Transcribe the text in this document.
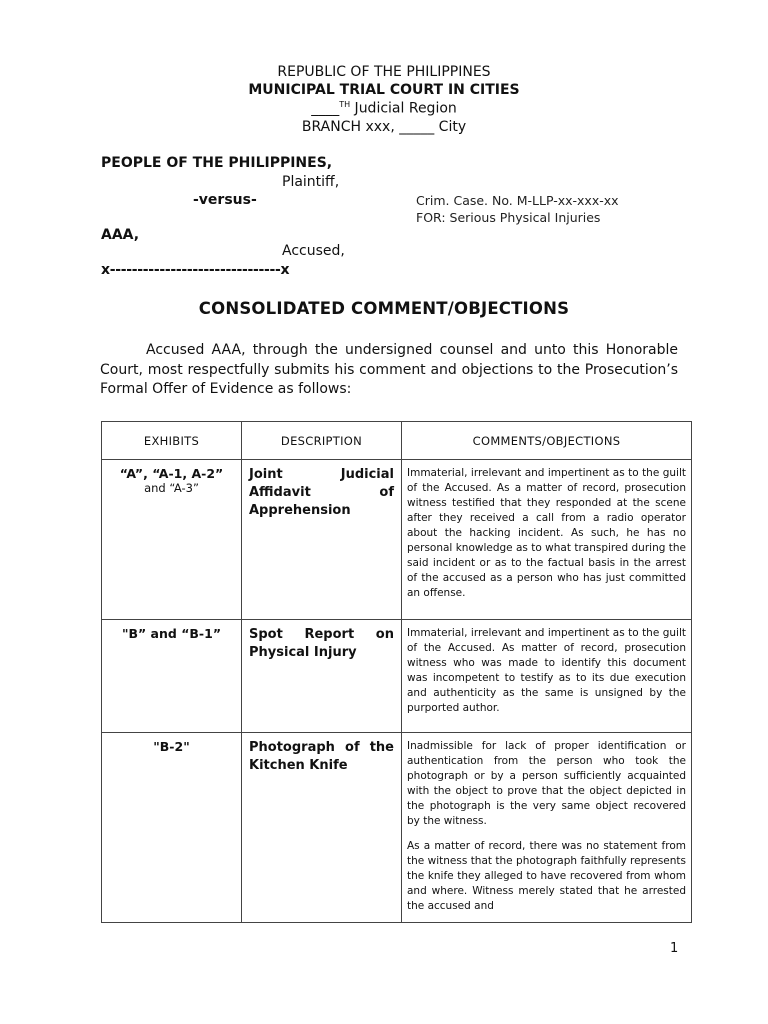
REPUBLIC OF THE PHILIPPINES
MUNICIPAL TRIAL COURT IN CITIES
____$^{TH}$ Judicial Region
BRANCH xxx, _____ City
PEOPLE OF THE PHILIPPINES,
Plaintiff,
-versus-	Crim. Case. No. M-LLP-xx-xxx-xx
FOR: Serious Physical Injuries
AAA,
Accused,
x-------------------------------x
CONSOLIDATED COMMENT/OBJECTIONS
Accused AAA, through the undersigned counsel and unto this Honorable Court, most respectfully submits his comment and objections to the Prosecution’s Formal Offer of Evidence as follows:
EXHIBITS	DESCRIPTION	COMMENTS/OBJECTIONS

“A”, “A-1, A-2”
and “A-3”	Joint Judicial Affidavit of Apprehension	Immaterial, irrelevant and impertinent as to the guilt of the Accused. As a matter of record, prosecution witness testified that they responded at the scene after they received a call from a radio operator about the hacking incident. As such, he has no personal knowledge as to what transpired during the said incident or as to the factual basis in the arrest of the accused as a person who has just committed an offense.

"B” and “B-1”	Spot Report on Physical Injury	Immaterial, irrelevant and impertinent as to the guilt of the Accused. As matter of record, prosecution witness who was made to identify this document was incompetent to testify as to its due execution and authenticity as the same is unsigned by the purported author.

"B-2"	Photograph of the Kitchen Knife	Inadmissible for lack of proper identification or authentication from the person who took the photograph or by a person sufficiently acquainted with the object to prove that the object depicted in the photograph is the very same object recovered by the witness.

As a matter of record, there was no statement from the witness that the photograph faithfully represents the knife they alleged to have recovered from whom and where. Witness merely stated that he arrested the accused and

1
